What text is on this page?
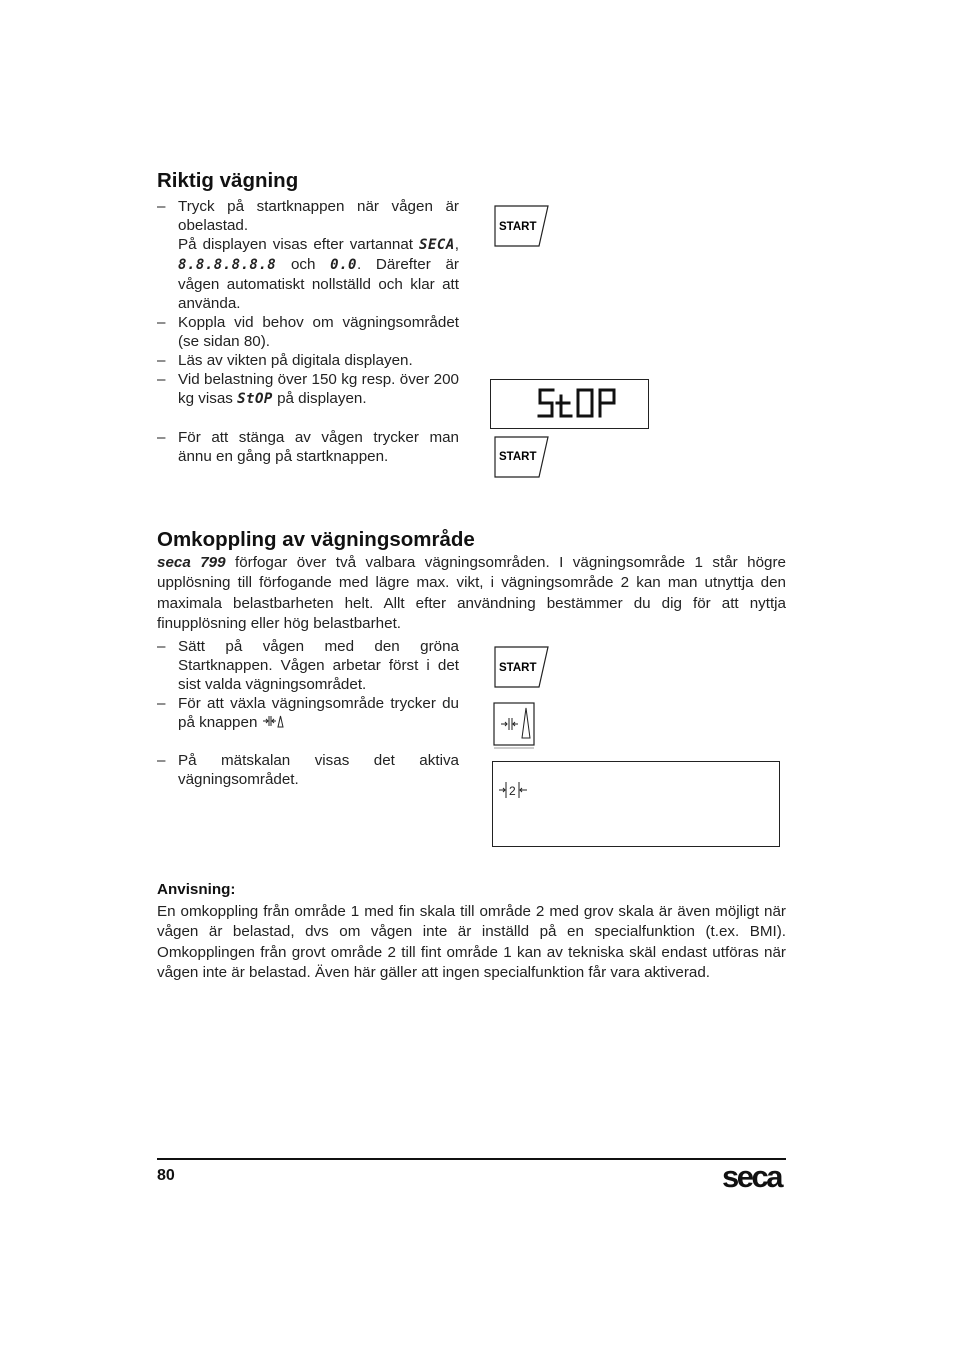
Riktig vägning
– Tryck på startknappen när vågen är obelastad.
På displayen visas efter vartannat SECA, 8.8.8.8.8.8 och 0.0. Därefter är vågen automatiskt nollställd och klar att använda.
– Koppla vid behov om vägningsområdet (se sidan 80).
– Läs av vikten på digitala displayen.
– Vid belastning över 150 kg resp. över 200 kg visas StOP på displayen.
– För att stänga av vågen trycker man ännu en gång på startknappen.
START
START
Omkoppling av vägningsområde
seca 799 förfogar över två valbara vägningsområden. I vägningsområde 1 står högre upplösning till förfogande med lägre max. vikt, i vägningsområde 2 kan man utnyttja den maximala belastbarheten helt. Allt efter användning bestämmer du dig för att nyttja finupplösning eller hög belastbarhet.
– Sätt på vågen med den gröna Startknappen. Vågen arbetar först i det sist valda vägningsområdet.
– För att växla vägningsområde trycker du på knappen
– På mätskalan visas det aktiva vägningsområdet.
START
2
Anvisning:
En omkoppling från område 1 med fin skala till område 2 med grov skala är även möjligt när vågen är belastad, dvs om vågen inte är inställd på en specialfunktion (t.ex. BMI). Omkopplingen från grovt område 2 till fint område 1 kan av tekniska skäl endast utföras när vågen inte är belastad. Även här gäller att ingen specialfunktion får vara aktiverad.
80	seca
